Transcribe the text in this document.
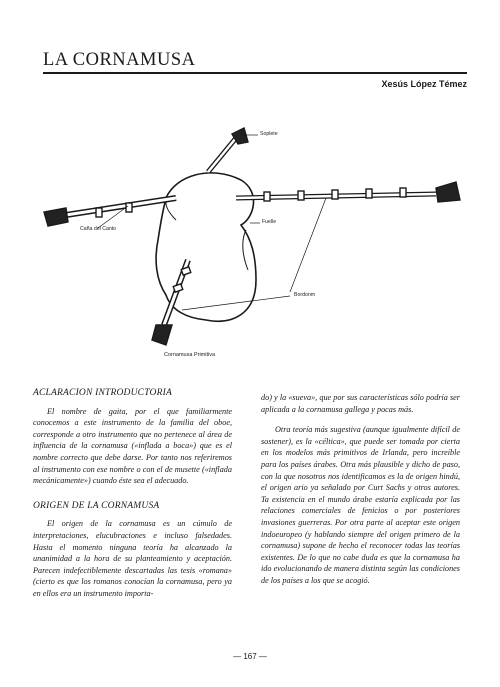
LA CORNAMUSA
Xesús López Témez
Soplete
Caña del Canto
Fuelle
Bordonm
Cornamusa Primitiva
ACLARACION INTRODUCTORIA

El nombre de gaita, por el que familiarmente conocemos a este instrumento de la familia del oboe, corresponde a otro instrumento que no pertenece al área de influencia de la cornamusa («inflada a boca») que es el nombre correcto que debe darse. Por tanto nos referiremos al instrumento con ese nombre o con el de musette («inflada mecánicamente») cuando éste sea el adecuado.

ORIGEN DE LA CORNAMUSA

El origen de la cornamusa es un cúmulo de interpretaciones, elucubraciones e incluso falsedades. Hasta el momento ninguna teoría ha alcanzado la unanimidad a la hora de su planteamiento y aceptación. Parecen indefectiblemente descartadas las tesis «romana» (cierto es que los romanos conocían la cornamusa, pero ya en ellos era un instrumento importa-

do) y la «sueva», que por sus características sólo podría ser aplicada a la cornamusa gallega y pocas más.

Otra teoría más sugestiva (aunque igualmente difícil de sostener), es la «céltica», que puede ser tomada por cierta en los modelos más primitivos de Irlanda, pero increíble para los países árabes. Otra más plausible y dicho de paso, con la que nosotros nos identificamos es la de origen hindú, el origen ario ya señalado por Curt Sachs y otros autores. Ta existencia en el mundo árabe estaría explicada por las relaciones comerciales de fenicios o por posteriores invasiones guerreras. Por otra parte al aceptar este origen indoeuropeo (y hablando siempre del origen primero de la cornamusa) supone de hecho el reconocer todas las teorías existentes. De lo que no cabe duda es que la cornamusa ha ido evolucionando de manera distinta según las condiciones de los países a los que se acogió.

— 167 —
